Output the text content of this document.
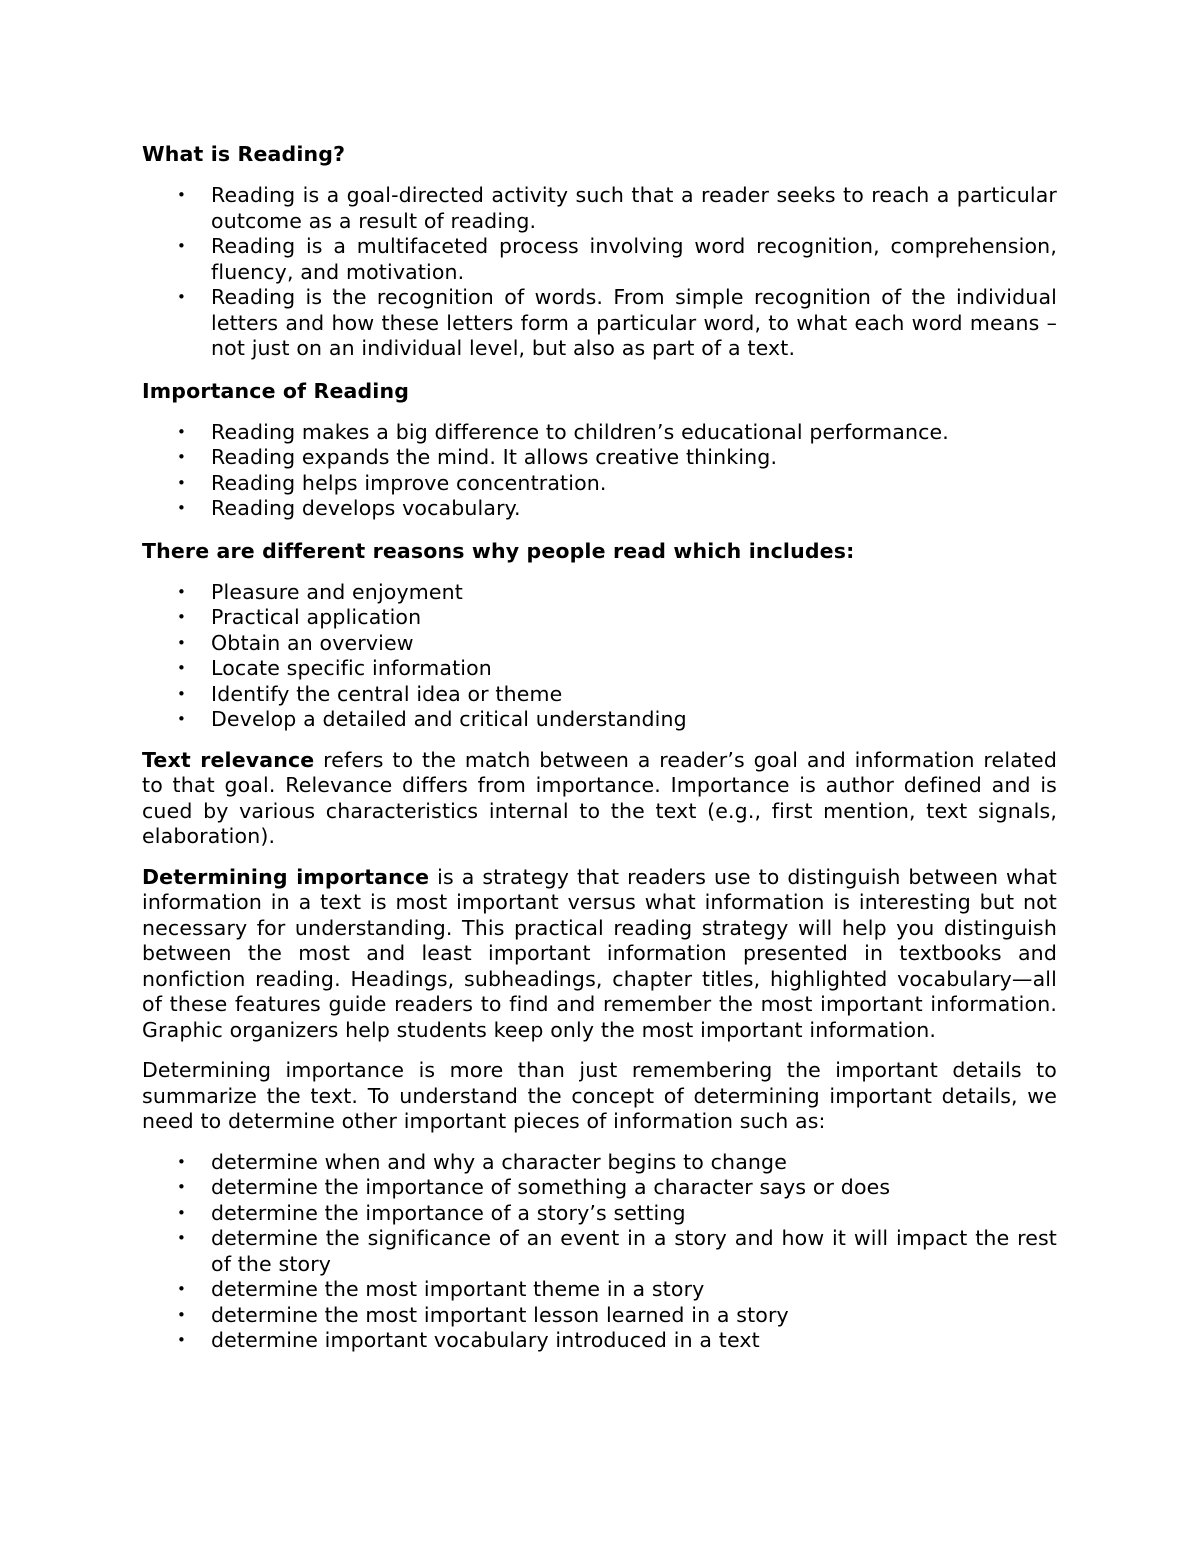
What is Reading?
• Reading is a goal-directed activity such that a reader seeks to reach a particular outcome as a result of reading.
• Reading is a multifaceted process involving word recognition, comprehension, fluency, and motivation.
• Reading is the recognition of words. From simple recognition of the individual letters and how these letters form a particular word, to what each word means – not just on an individual level, but also as part of a text.
Importance of Reading
• Reading makes a big difference to children’s educational performance.
• Reading expands the mind. It allows creative thinking.
• Reading helps improve concentration.
• Reading develops vocabulary.
There are different reasons why people read which includes:
• Pleasure and enjoyment
• Practical application
• Obtain an overview
• Locate specific information
• Identify the central idea or theme
• Develop a detailed and critical understanding

Text relevance refers to the match between a reader’s goal and information related to that goal. Relevance differs from importance. Importance is author defined and is cued by various characteristics internal to the text (e.g., first mention, text signals, elaboration).

Determining importance is a strategy that readers use to distinguish between what information in a text is most important versus what information is interesting but not necessary for understanding. This practical reading strategy will help you distinguish between the most and least important information presented in textbooks and nonfiction reading. Headings, subheadings, chapter titles, highlighted vocabulary—all of these features guide readers to find and remember the most important information. Graphic organizers help students keep only the most important information.

Determining importance is more than just remembering the important details to summarize the text. To understand the concept of determining important details, we need to determine other important pieces of information such as:

• determine when and why a character begins to change
• determine the importance of something a character says or does
• determine the importance of a story’s setting
• determine the significance of an event in a story and how it will impact the rest of the story
• determine the most important theme in a story
• determine the most important lesson learned in a story
• determine important vocabulary introduced in a text
